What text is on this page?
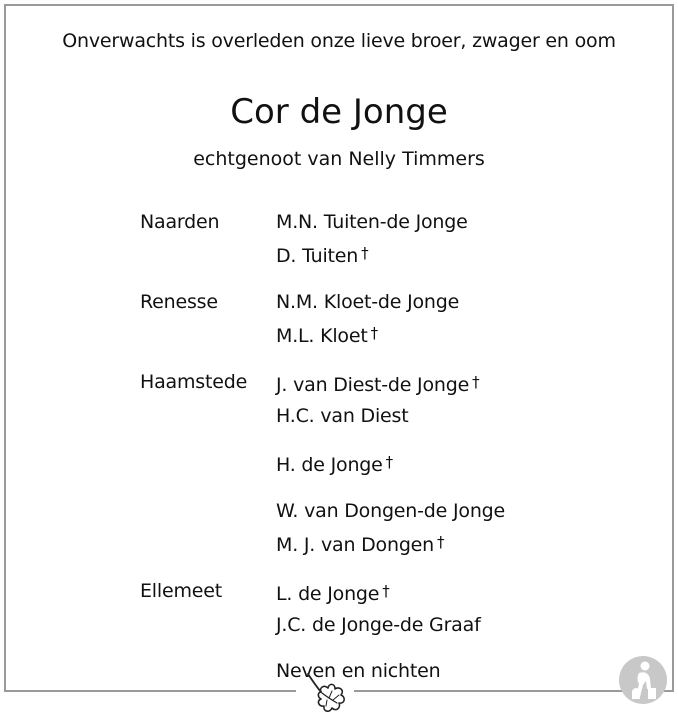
Onverwachts is overleden onze lieve broer, zwager en oom
Cor de Jonge
echtgenoot van Nelly Timmers
Naarden	M.N. Tuiten-de Jonge
D. Tuiten †
Renesse	N.M. Kloet-de Jonge
M.L. Kloet †
Haamstede	J. van Diest-de Jonge †
H.C. van Diest
H. de Jonge †
W. van Dongen-de Jonge
M. J. van Dongen †
Ellemeet	L. de Jonge †
J.C. de Jonge-de Graaf
Neven en nichten
